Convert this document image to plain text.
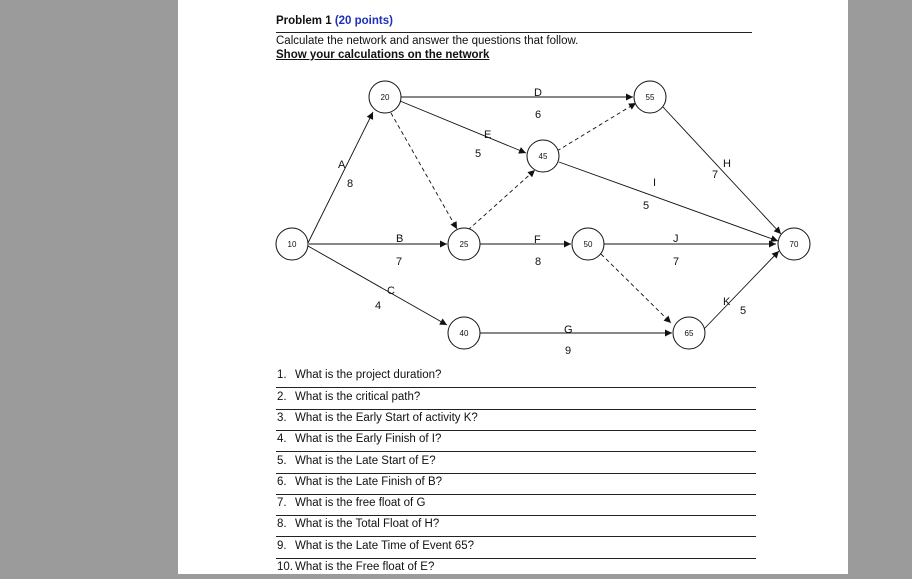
Problem 1 (20 points)
Calculate the network and answer the questions that follow.
Show your calculations on the network
10
20
25
40
45
50
55
65
70
A
8
B
7
C
4
D
6
E
5
F
8
G
9
H
7
I
5
J
7
K
5
1. What is the project duration?
2. What is the critical path?
3. What is the Early Start of activity K?
4. What is the Early Finish of I?
5. What is the Late Start of E?
6. What is the Late Finish of B?
7. What is the free float of G
8. What is the Total Float of H?
9. What is the Late Time of Event 65?
10. What is the Free float of E?
